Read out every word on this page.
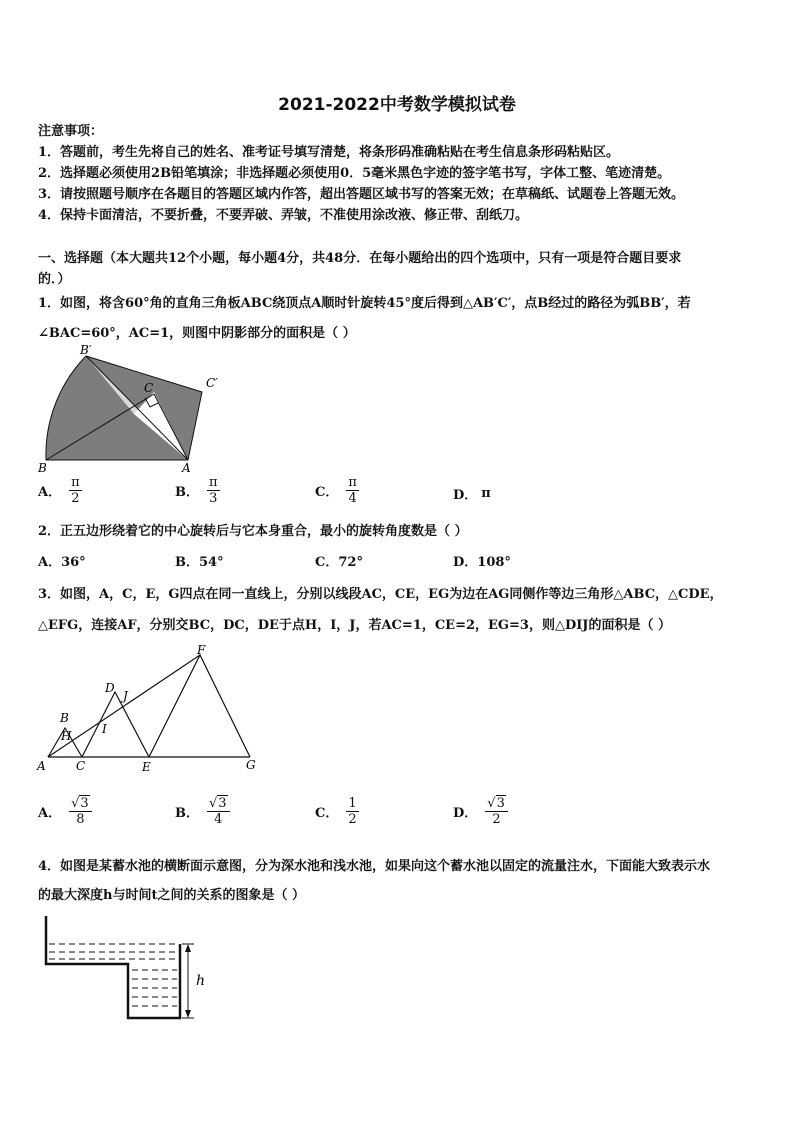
2021-2022中考数学模拟试卷
注意事项：
1．答题前，考生先将自己的姓名、准考证号填写清楚，将条形码准确粘贴在考生信息条形码粘贴区。
2．选择题必须使用2B铅笔填涂；非选择题必须使用0．5毫米黑色字迹的签字笔书写，字体工整、笔迹清楚。
3．请按照题号顺序在各题目的答题区域内作答，超出答题区域书写的答案无效；在草稿纸、试题卷上答题无效。
4．保持卡面清洁，不要折叠，不要弄破、弄皱，不准使用涂改液、修正带、刮纸刀。
一、选择题（本大题共12个小题，每小题4分，共48分．在每小题给出的四个选项中，只有一项是符合题目要求
的．）
1．如图，将含60°角的直角三角板ABC绕顶点A顺时针旋转45°度后得到△AB′C′，点B经过的路径为弧BB′，若
∠BAC=60°，AC=1，则图中阴影部分的面积是（ ）
B′
C	C′
B	A
A． $\frac{\pi}{2}$	B． $\frac{\pi}{3}$	C． $\frac{\pi}{4}$	D． π
2．正五边形绕着它的中心旋转后与它本身重合，最小的旋转角度数是（ ）
A．36°	B．54°	C．72°	D．108°
3．如图，A，C，E，G四点在同一直线上，分别以线段AC，CE，EG为边在AG同侧作等边三角形△ABC，△CDE，
△EFG，连接AF，分别交BC，DC，DE于点H，I，J，若AC=1，CE=2，EG=3，则△DIJ的面积是（ ）
F
D
J
B
H	I
A	C	E	G
A． $\frac{√3}{8}$	B． $\frac{√3}{4}$	C． $\frac{1}{2}$	D． $\frac{√3}{2}$
4．如图是某蓄水池的横断面示意图，分为深水池和浅水池，如果向这个蓄水池以固定的流量注水，下面能大致表示水
的最大深度h与时间t之间的关系的图象是（ ）
h
